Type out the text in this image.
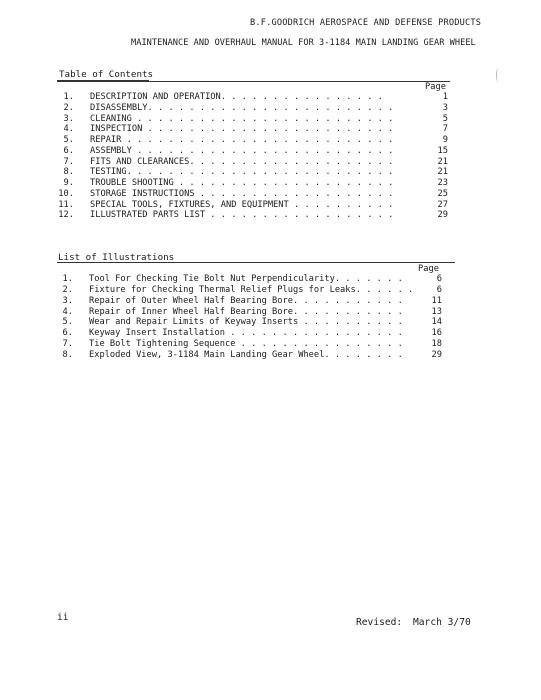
B.F.GOODRICH AEROSPACE AND DEFENSE PRODUCTS
MAINTENANCE AND OVERHAUL MANUAL FOR 3-1184 MAIN LANDING GEAR WHEEL
Table of Contents
Page
1. DESCRIPTION AND OPERATION. . . . . . . . . . . . . . . .	1
2. DISASSEMBLY. . . . . . . . . . . . . . . . . . . . . . . .	3
3. CLEANING . . . . . . . . . . . . . . . . . . . . . . . . .	5
4. INSPECTION . . . . . . . . . . . . . . . . . . . . . . . .	7
5. REPAIR . . . . . . . . . . . . . . . . . . . . . . . . . .	9
6. ASSEMBLY . . . . . . . . . . . . . . . . . . . . . . . . .	15
7. FITS AND CLEARANCES. . . . . . . . . . . . . . . . . . . .	21
8. TESTING. . . . . . . . . . . . . . . . . . . . . . . . . .	21
9. TROUBLE SHOOTING . . . . . . . . . . . . . . . . . . . . .	23
10. STORAGE INSTRUCTIONS . . . . . . . . . . . . . . . . . . .	25
11. SPECIAL TOOLS, FIXTURES, AND EQUIPMENT . . . . . . . . . .	27
12. ILLUSTRATED PARTS LIST . . . . . . . . . . . . . . . . . .	29
List of Illustrations
Page
1. Tool For Checking Tie Bolt Nut Perpendicularity. . . . . . .	6
2. Fixture for Checking Thermal Relief Plugs for Leaks. . . . . .	6
3. Repair of Outer Wheel Half Bearing Bore. . . . . . . . . . .	11
4. Repair of Inner Wheel Half Bearing Bore. . . . . . . . . . .	13
5. Wear and Repair Limits of Keyway Inserts . . . . . . . . . .	14
6. Keyway Insert Installation . . . . . . . . . . . . . . . . .	16
7. Tie Bolt Tightening Sequence . . . . . . . . . . . . . . . .	18
8. Exploded View, 3-1184 Main Landing Gear Wheel. . . . . . . .	29
ii	Revised: March 3/70
